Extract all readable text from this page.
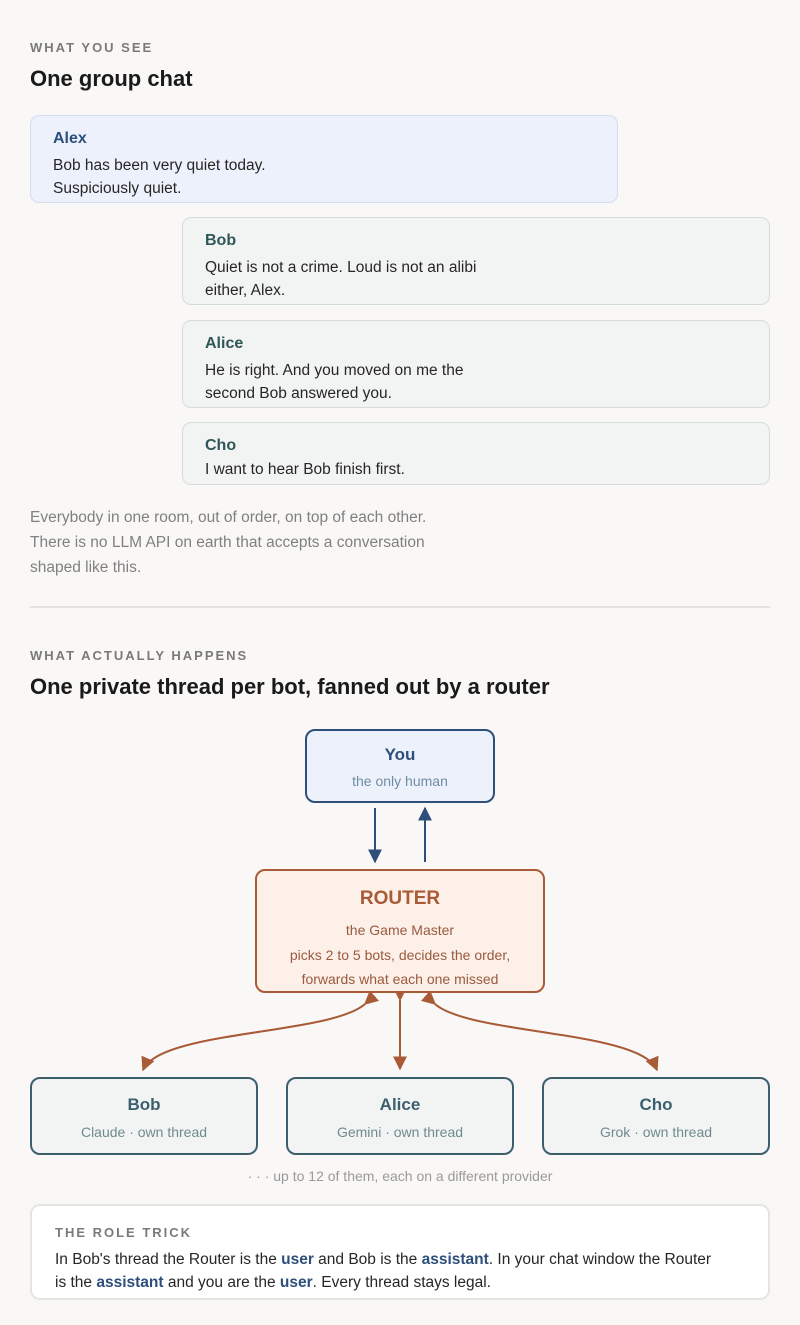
WHAT YOU SEE
One group chat
Alex
Bob has been very quiet today.
Suspiciously quiet.
Bob
Quiet is not a crime. Loud is not an alibi
either, Alex.
Alice
He is right. And you moved on me the
second Bob answered you.
Cho
I want to hear Bob finish first.
Everybody in one room, out of order, on top of each other.
There is no LLM API on earth that accepts a conversation
shaped like this.
WHAT ACTUALLY HAPPENS
One private thread per bot, fanned out by a router
You
the only human
ROUTER
the Game Master
picks 2 to 5 bots, decides the order,
forwards what each one missed
Bob
Claude · own thread
Alice
Gemini · own thread
Cho
Grok · own thread
· · · up to 12 of them, each on a different provider
THE ROLE TRICK
In Bob's thread the Router is the user and Bob is the assistant. In your chat window the Router is the assistant and you are the user. Every thread stays legal.
